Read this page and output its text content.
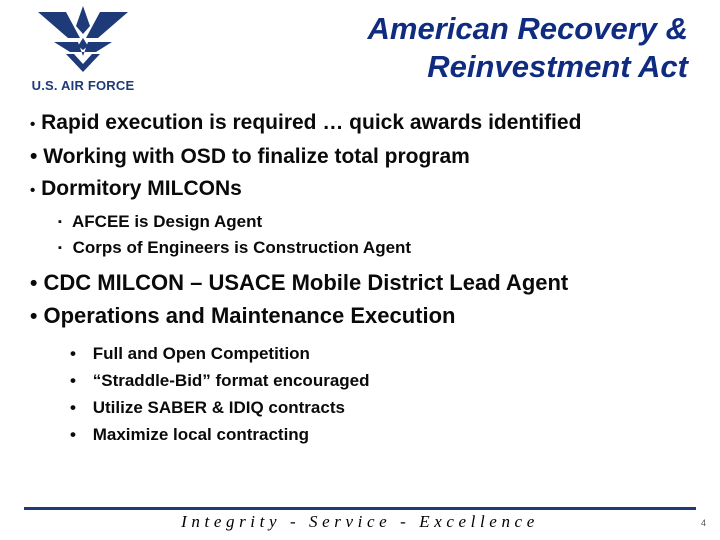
U.S. AIR FORCE
American Recovery &
Reinvestment Act
• Rapid execution is required … quick awards identified
• Working with OSD to finalize total program
• Dormitory MILCONs
▪ AFCEE is Design Agent
▪ Corps of Engineers is Construction Agent
• CDC MILCON – USACE Mobile District Lead Agent
• Operations and Maintenance Execution
• Full and Open Competition
• “Straddle-Bid” format encouraged
• Utilize SABER & IDIQ contracts
• Maximize local contracting
Integrity - Service - Excellence	4
